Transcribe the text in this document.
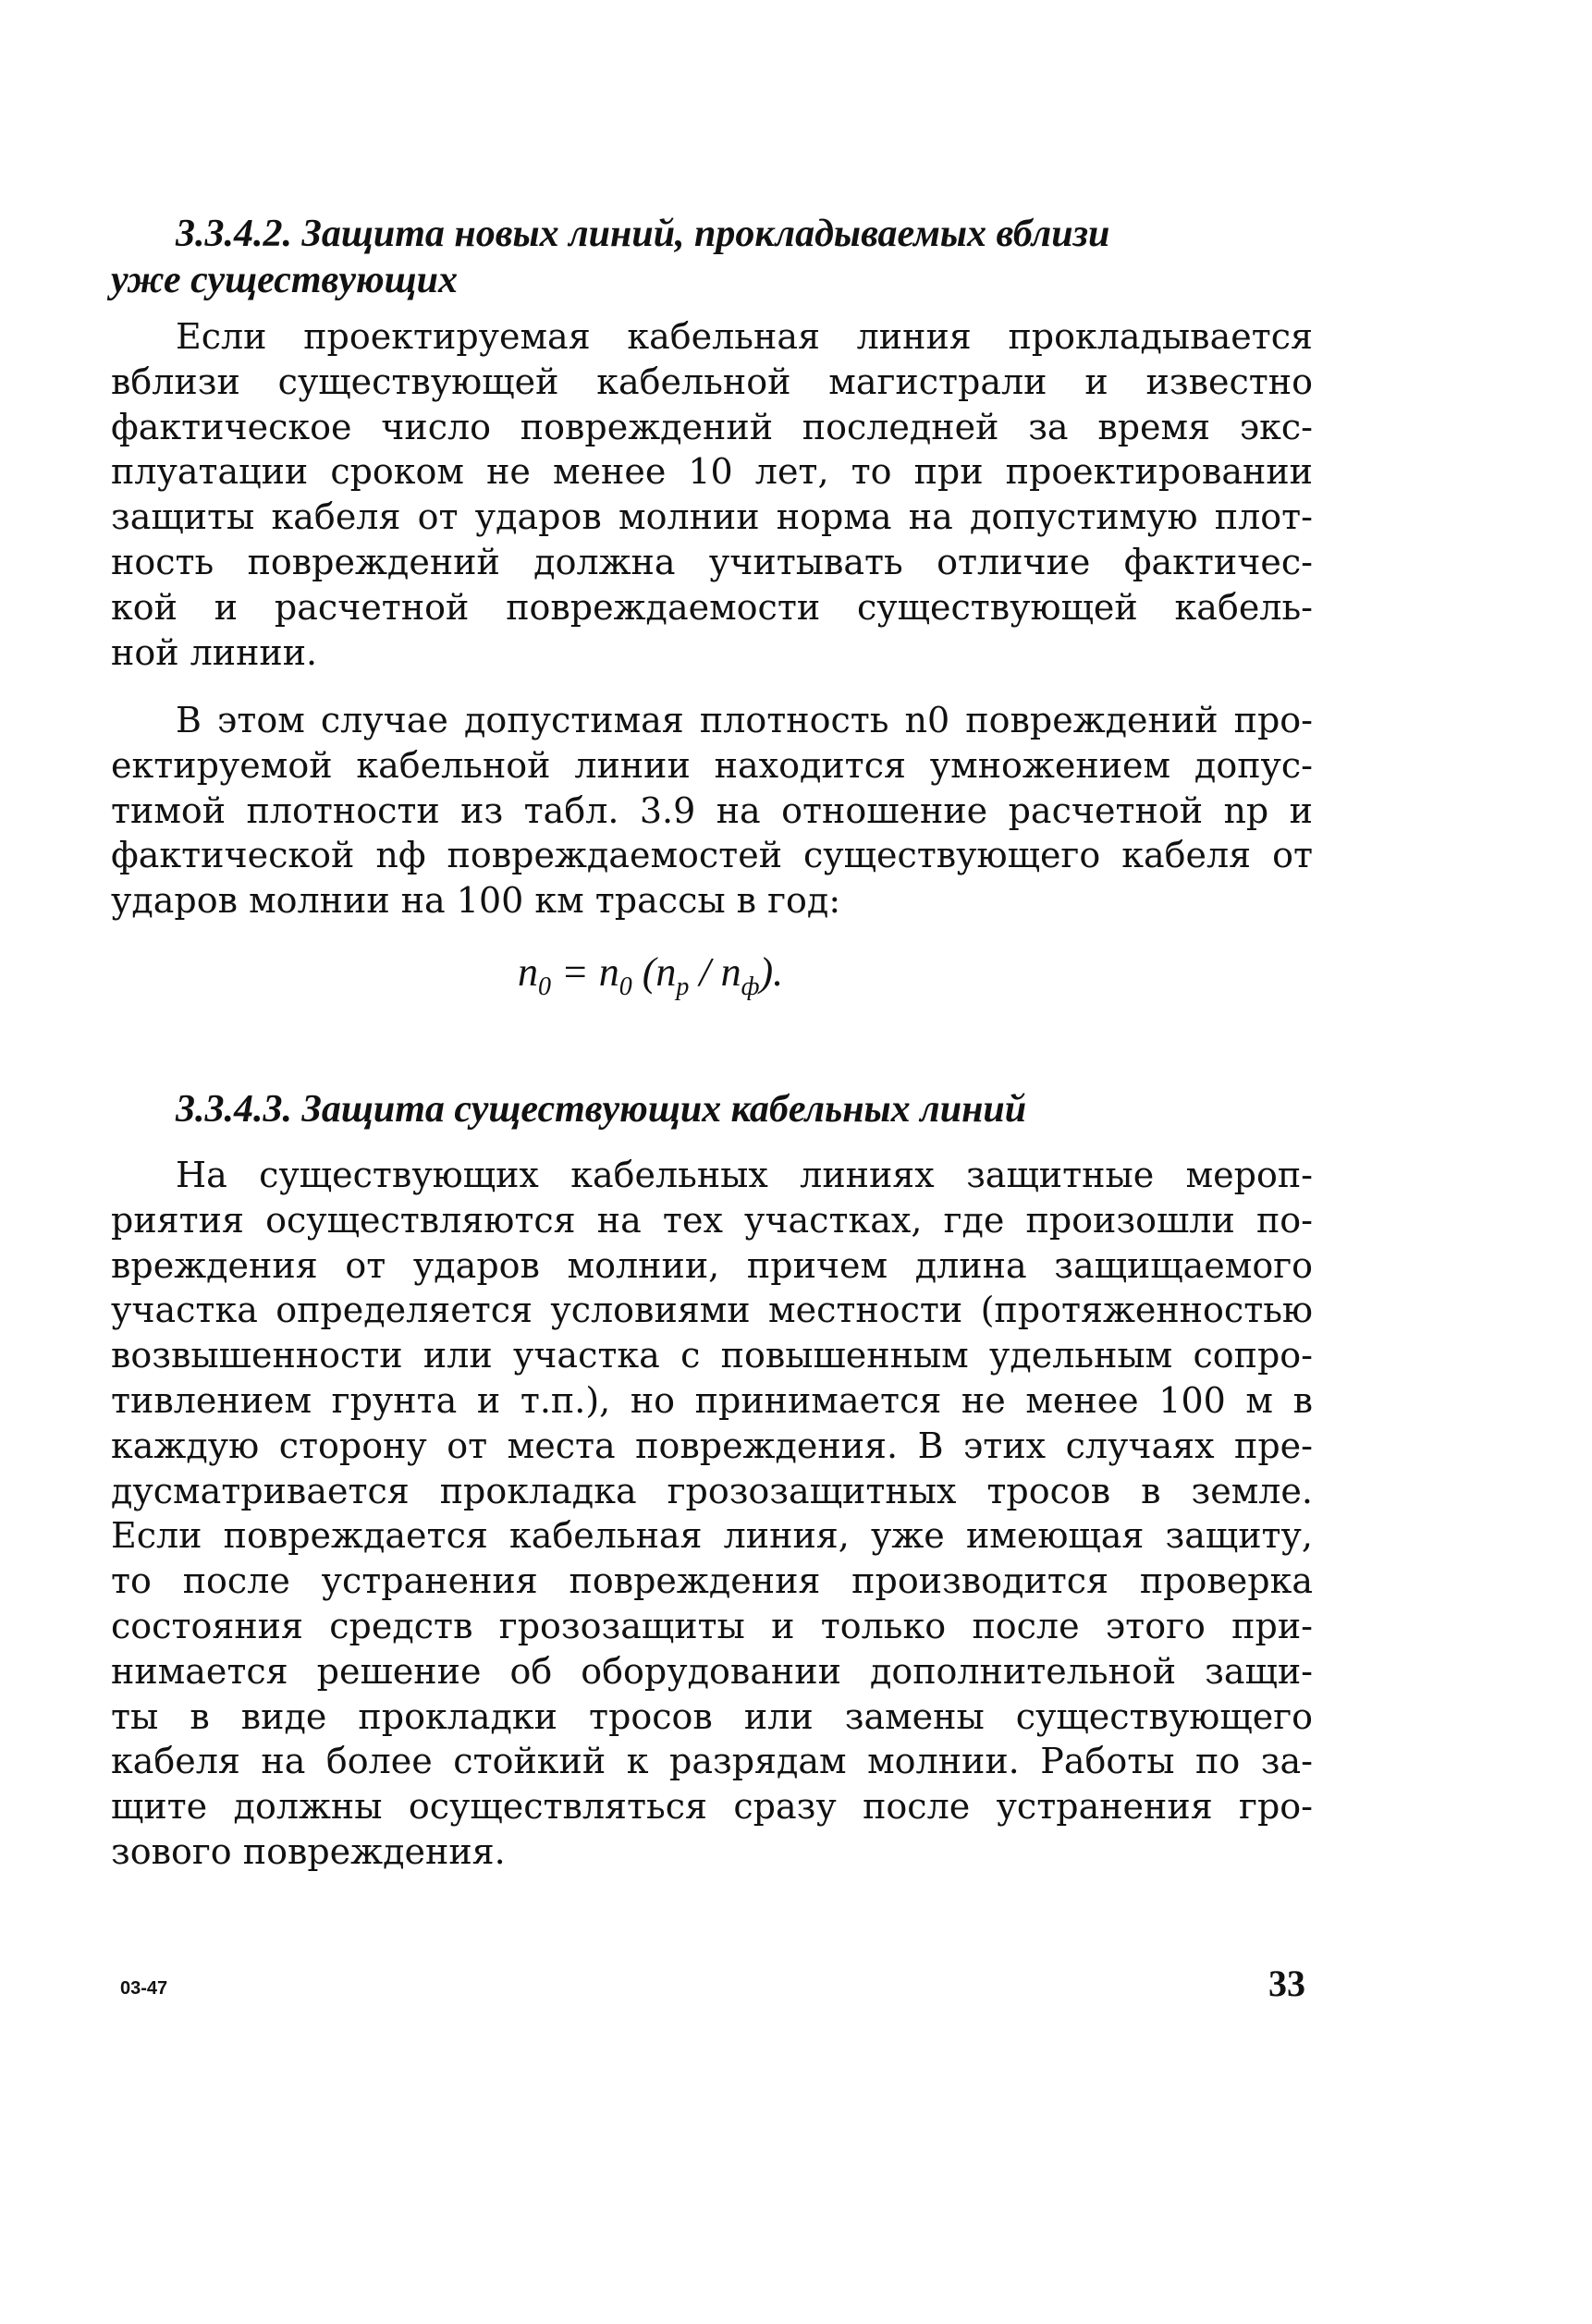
3.3.4.2. Защита новых линий, прокладываемых вблизи
уже существующих
Если проектируемая кабельная линия прокладывается
вблизи существующей кабельной магистрали и известно
фактическое число повреждений последней за время экс-
плуатации сроком не менее 10 лет, то при проектировании
защиты кабеля от ударов молнии норма на допустимую плот-
ность повреждений должна учитывать отличие фактичес-
кой и расчетной повреждаемости существующей кабель-
ной линии.
В этом случае допустимая плотность n0 повреждений про-
ектируемой кабельной линии находится умножением допус-
тимой плотности из табл. 3.9 на отношение расчетной nр и
фактической nф повреждаемостей существующего кабеля от
ударов молнии на 100 км трассы в год:
$n_0 = n_0$ $(n_р / n_ф)$.
3.3.4.3. Защита существующих кабельных линий
На существующих кабельных линиях защитные мероп-
риятия осуществляются на тех участках, где произошли по-
вреждения от ударов молнии, причем длина защищаемого
участка определяется условиями местности (протяженностью
возвышенности или участка с повышенным удельным сопро-
тивлением грунта и т.п.), но принимается не менее 100 м в
каждую сторону от места повреждения. В этих случаях пре-
дусматривается прокладка грозозащитных тросов в земле.
Если повреждается кабельная линия, уже имеющая защиту,
то после устранения повреждения производится проверка
состояния средств грозозащиты и только после этого при-
нимается решение об оборудовании дополнительной защи-
ты в виде прокладки тросов или замены существующего
кабеля на более стойкий к разрядам молнии. Работы по за-
щите должны осуществляться сразу после устранения гро-
зового повреждения.
03-47	33
